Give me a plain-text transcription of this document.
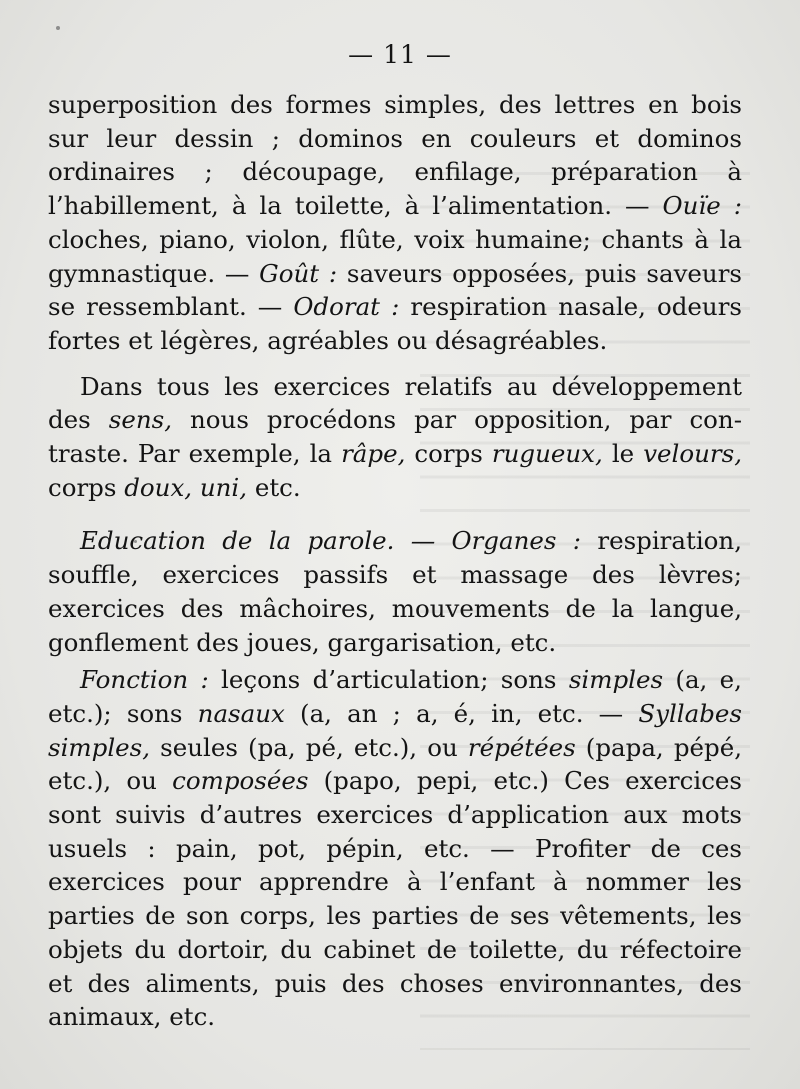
— 11 —

superposition des formes simples, des lettres en bois sur leur dessin ; dominos en couleurs et dominos ordinaires ; découpage, enfilage, préparation à l’habillement, à la toilette, à l’alimentation. — Ouïe : cloches, piano, violon, flûte, voix humaine; chants à la gymnastique. — Goût : saveurs opposées, puis saveurs se ressemblant. — Odorat : respiration nasale, odeurs fortes et légères, agréables ou désagréables.

Dans tous les exercices relatifs au développement des sens, nous procédons par opposition, par contraste. Par exemple, la râpe, corps rugueux, le velours, corps doux, uni, etc.

Education de la parole. — Organes : respiration, souffle, exercices passifs et massage des lèvres; exercices des mâchoires, mouvements de la langue, gonflement des joues, gargarisation, etc.

Fonction : leçons d’articulation; sons simples (a, e, etc.); sons nasaux (a, an ; a, é, in, etc. — Syllabes simples, seules (pa, pé, etc.), ou répétées (papa, pépé, etc.), ou composées (papo, pepi, etc.) Ces exercices sont suivis d’autres exercices d’application aux mots usuels : pain, pot, pépin, etc. — Profiter de ces exercices pour apprendre à l’enfant à nommer les parties de son corps, les parties de ses vêtements, les objets du dortoir, du cabinet de toilette, du réfectoire et des aliments, puis des choses environnantes, des animaux, etc.
